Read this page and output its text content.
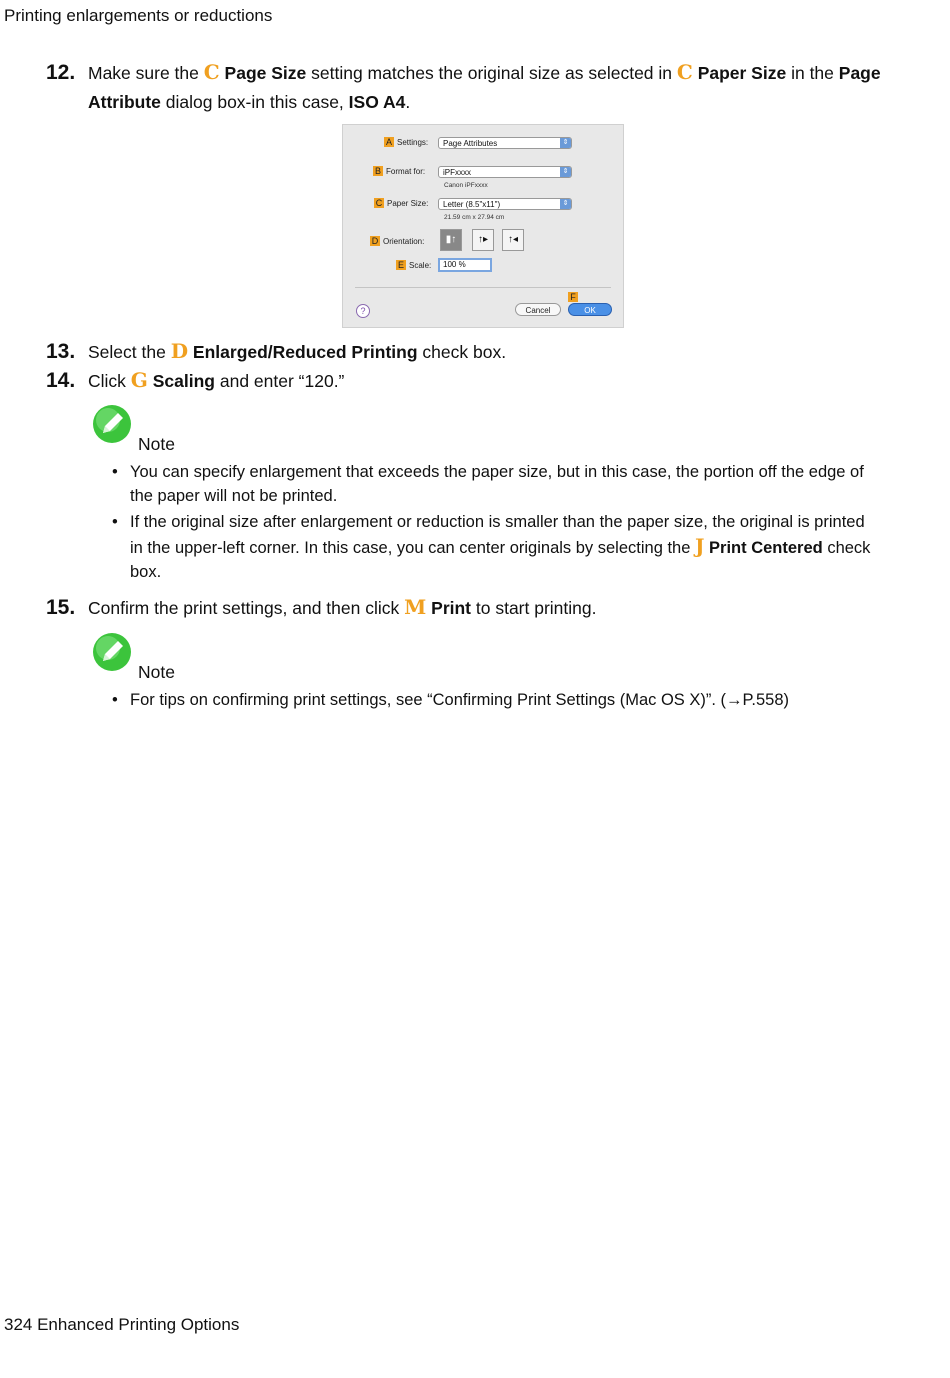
Printing enlargements or reductions
12. Make sure the C Page Size setting matches the original size as selected in C Paper Size in the Page Attribute dialog box-in this case, ISO A4.
A Settings:	Page Attributes	⇕
B Format for:	iPFxxxx	⇕
Canon iPFxxxx
C Paper Size:	Letter (8.5"x11")	⇕
21.59 cm x 27.94 cm
D Orientation:	▮↑	↑▸	↑◂
E Scale:	100 %
?
F
Cancel	OK
13. Select the D Enlarged/Reduced Printing check box.
14. Click G Scaling and enter “120.”
Note
• You can specify enlargement that exceeds the paper size, but in this case, the portion off the edge of the paper will not be printed.
• If the original size after enlargement or reduction is smaller than the paper size, the original is printed in the upper-left corner. In this case, you can center originals by selecting the J Print Centered check box.
15. Confirm the print settings, and then click M Print to start printing.
Note
• For tips on confirming print settings, see “Confirming Print Settings (Mac OS X)”. (→P.558)
324 Enhanced Printing Options
